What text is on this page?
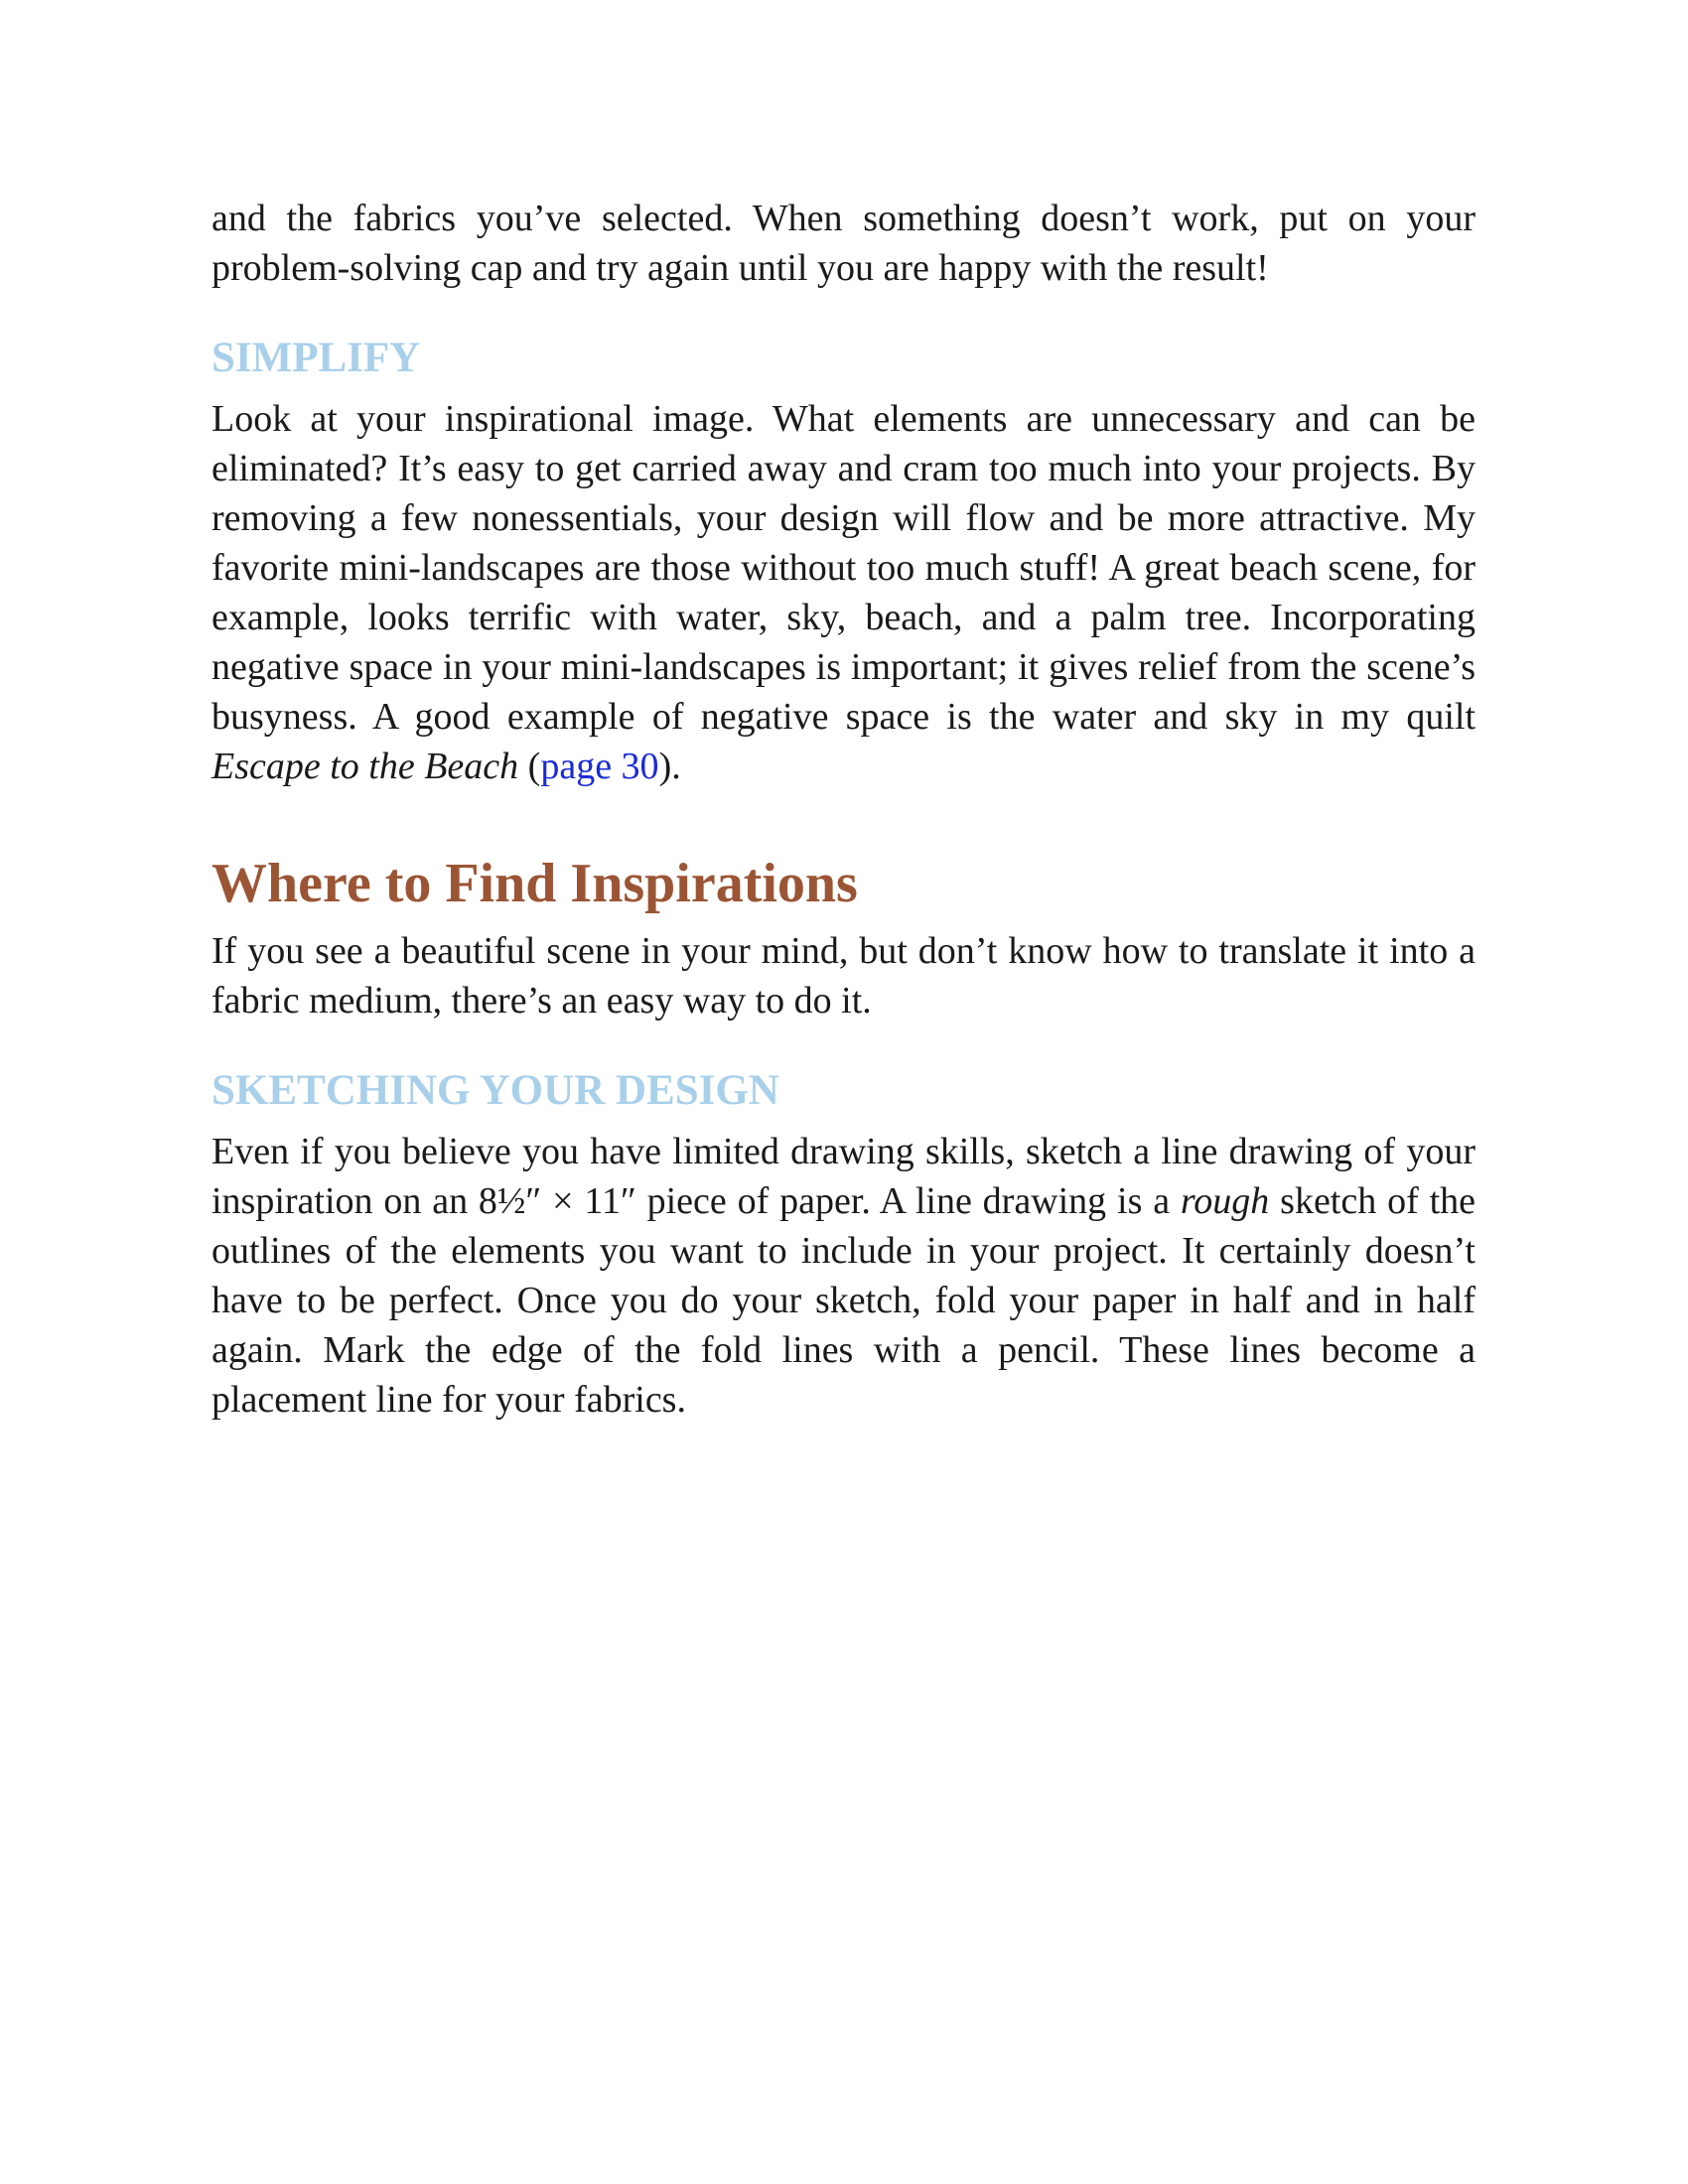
and the fabrics you’ve selected. When something doesn’t work, put on your problem-solving cap and try again until you are happy with the result!

SIMPLIFY

Look at your inspirational image. What elements are unnecessary and can be eliminated? It’s easy to get carried away and cram too much into your projects. By removing a few nonessentials, your design will flow and be more attractive. My favorite mini-landscapes are those without too much stuff! A great beach scene, for example, looks terrific with water, sky, beach, and a palm tree. Incorporating negative space in your mini-landscapes is important; it gives relief from the scene’s busyness. A good example of negative space is the water and sky in my quilt Escape to the Beach (page 30).

Where to Find Inspirations

If you see a beautiful scene in your mind, but don’t know how to translate it into a fabric medium, there’s an easy way to do it.

SKETCHING YOUR DESIGN

Even if you believe you have limited drawing skills, sketch a line drawing of your inspiration on an 8½″ × 11″ piece of paper. A line drawing is a rough sketch of the outlines of the elements you want to include in your project. It certainly doesn’t have to be perfect. Once you do your sketch, fold your paper in half and in half again. Mark the edge of the fold lines with a pencil. These lines become a placement line for your fabrics.
